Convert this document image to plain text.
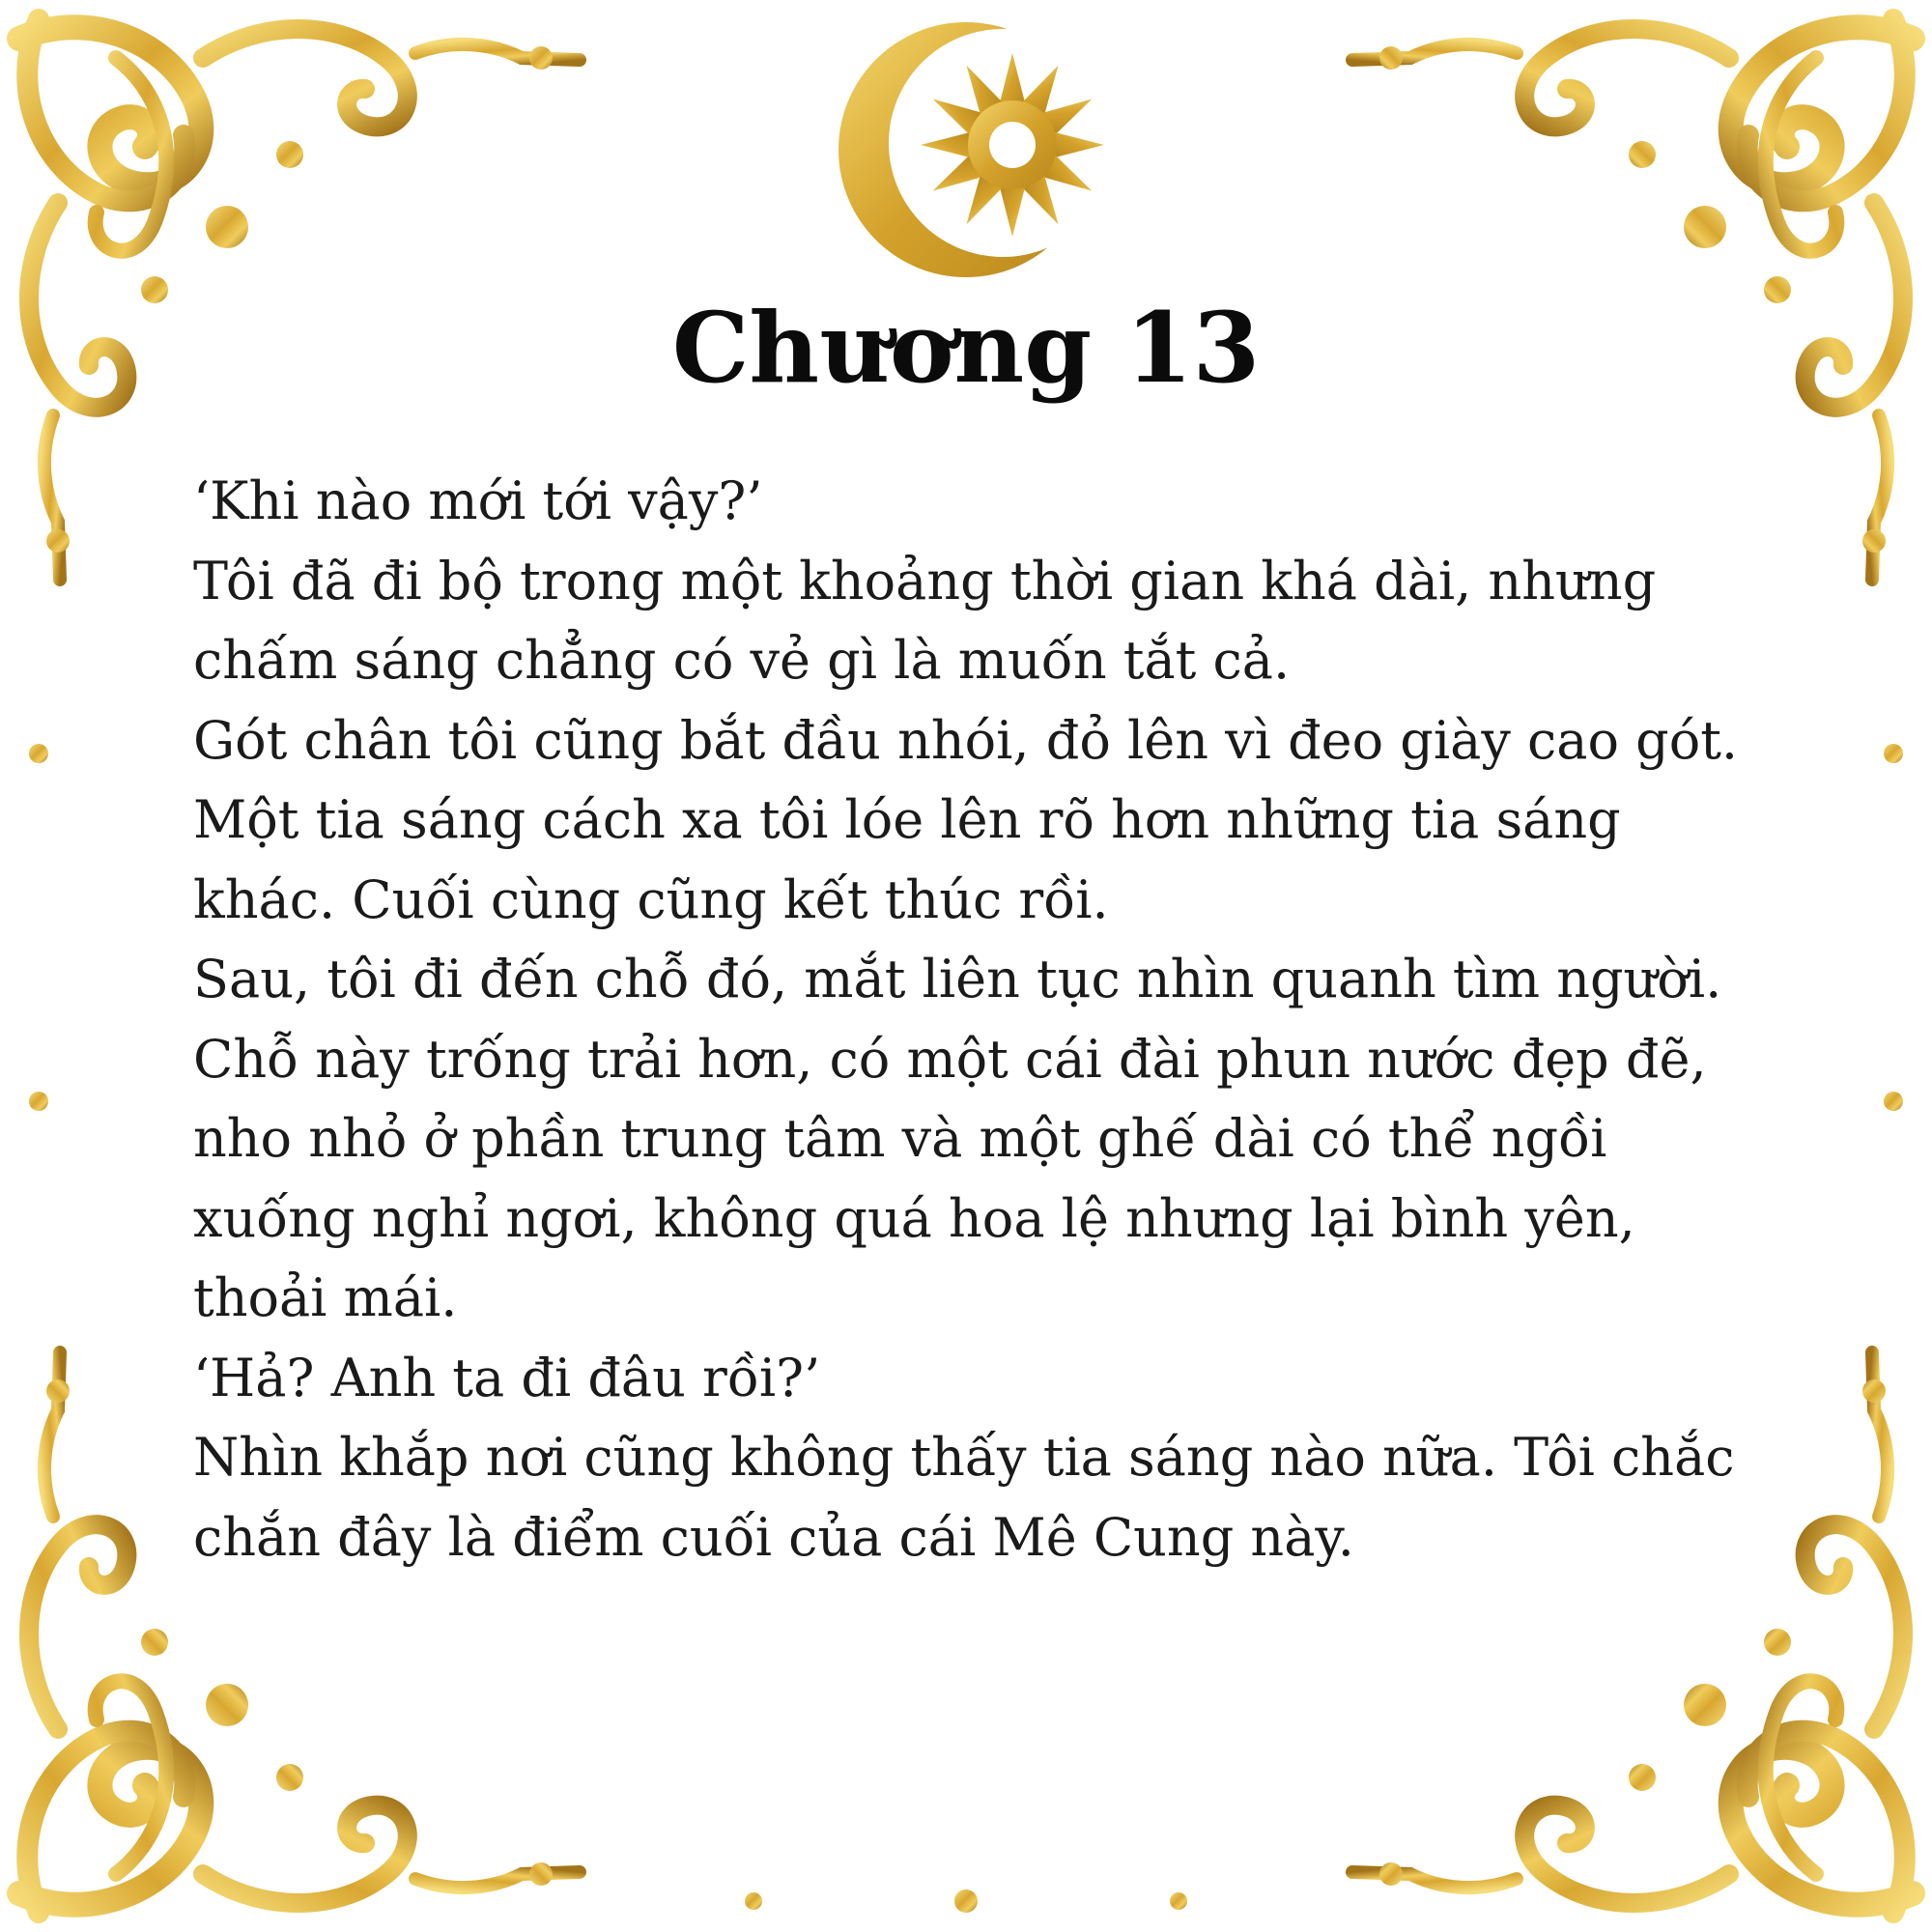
Chương 13

‘Khi nào mới tới vậy?’

Tôi đã đi bộ trong một khoảng thời gian khá dài, nhưng chấm sáng chẳng có vẻ gì là muốn tắt cả.

Gót chân tôi cũng bắt đầu nhói, đỏ lên vì đeo giày cao gót.

Một tia sáng cách xa tôi lóe lên rõ hơn những tia sáng khác. Cuối cùng cũng kết thúc rồi.

Sau, tôi đi đến chỗ đó, mắt liên tục nhìn quanh tìm người.

Chỗ này trống trải hơn, có một cái đài phun nước đẹp đẽ, nho nhỏ ở phần trung tâm và một ghế dài có thể ngồi xuống nghỉ ngơi, không quá hoa lệ nhưng lại bình yên, thoải mái.

‘Hả? Anh ta đi đâu rồi?’

Nhìn khắp nơi cũng không thấy tia sáng nào nữa. Tôi chắc chắn đây là điểm cuối của cái Mê Cung này.
